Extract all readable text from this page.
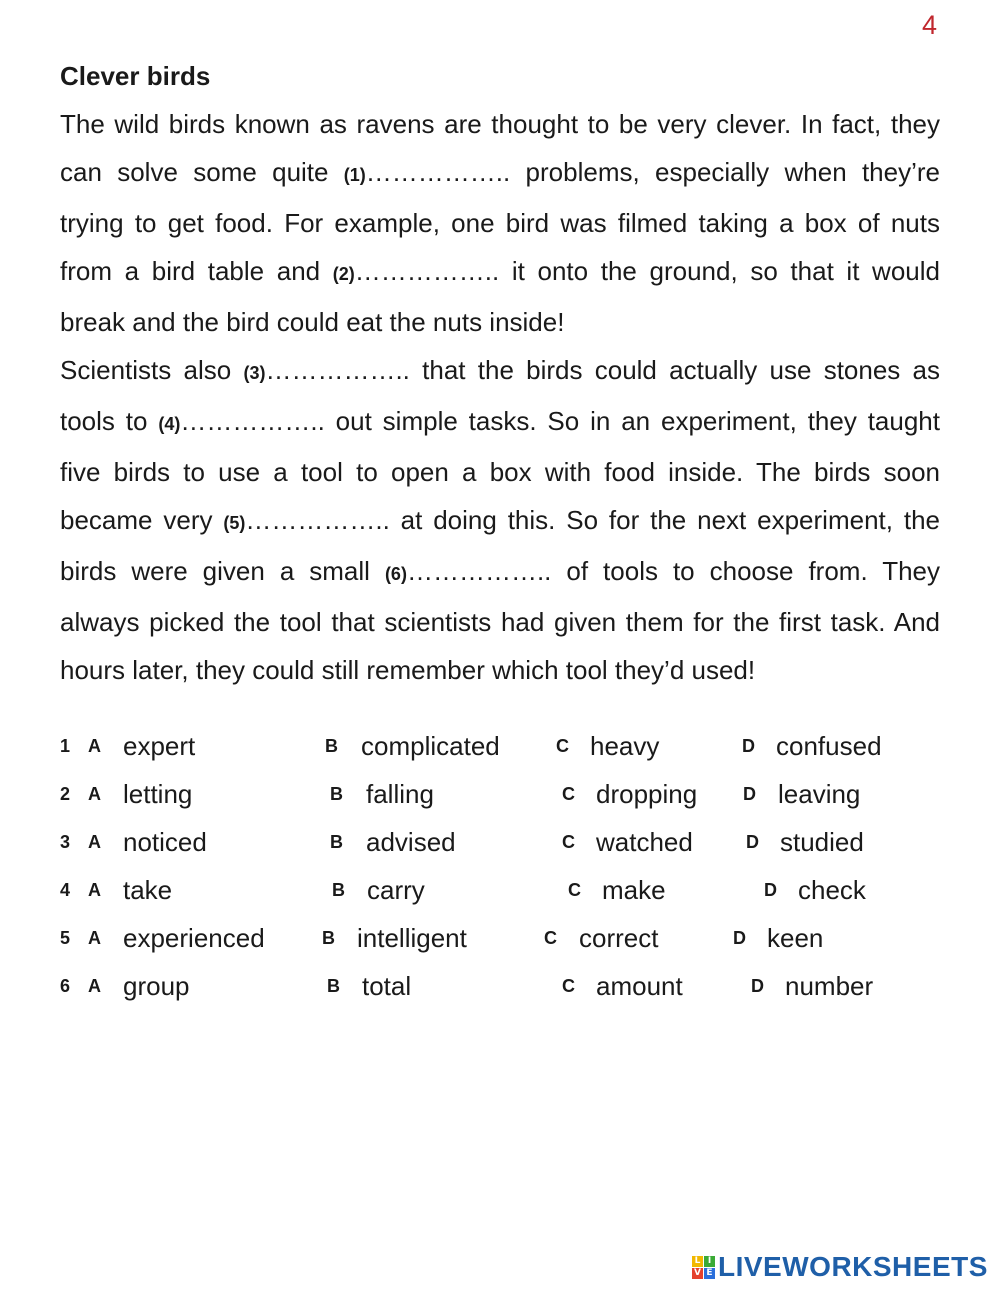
4
Clever birds

The wild birds known as ravens are thought to be very clever. In fact, they can solve some quite (1)…………….. problems, especially when they’re trying to get food. For example, one bird was filmed taking a box of nuts from a bird table and (2)…………….. it onto the ground, so that it would break and the bird could eat the nuts inside!

Scientists also (3)…………….. that the birds could actually use stones as tools to (4)…………….. out simple tasks. So in an experiment, they taught five birds to use a tool to open a box with food inside. The birds soon became very (5)…………….. at doing this. So for the next experiment, the birds were given a small (6)…………….. of tools to choose from. They always picked the tool that scientists had given them for the first task. And hours later, they could still remember which tool they’d used!

1 A expert	B complicated	C heavy	D confused
2 A letting	B falling	C dropping	D leaving
3 A noticed	B advised	C watched	D studied
4 A take	B carry	C make	D check
5 A experienced	B intelligent	C correct	D keen
6 A group	B total	C amount	D number
L I
V E LIVEWORKSHEETS
